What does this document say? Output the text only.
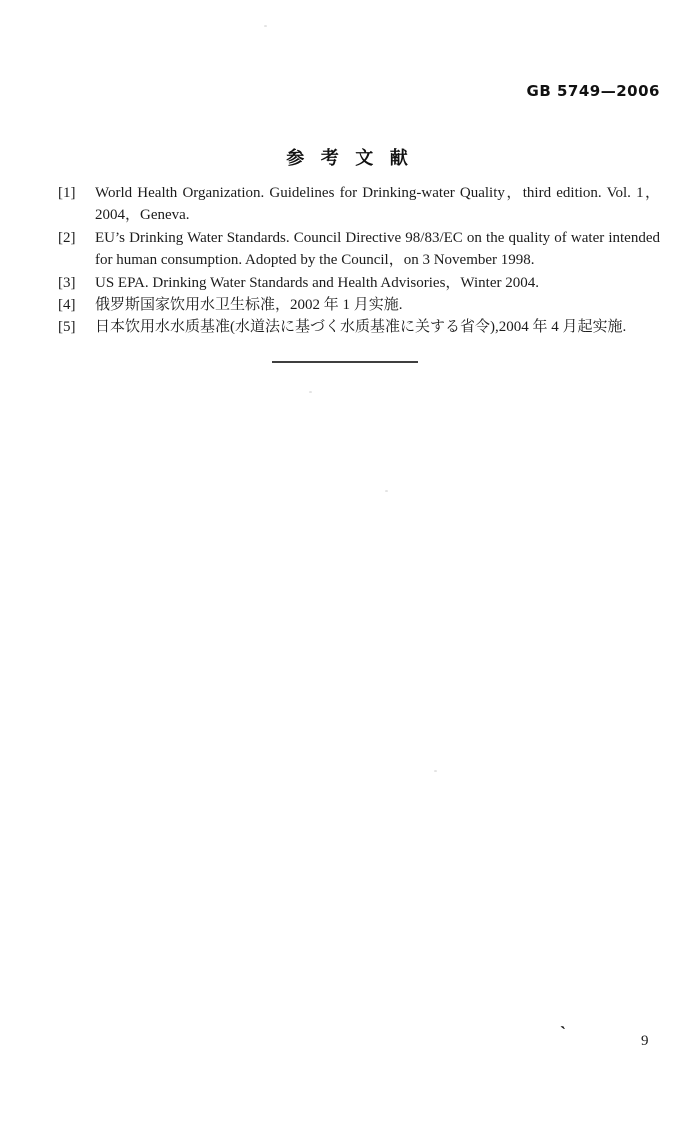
GB 5749—2006
参 考 文 献
[1]	World Health Organization. Guidelines for Drinking-water Quality，third edition. Vol. 1，2004，Geneva.
[2]	EU’s Drinking Water Standards. Council Directive 98/83/EC on the quality of water intended for human consumption. Adopted by the Council，on 3 November 1998.
[3]	US EPA. Drinking Water Standards and Health Advisories，Winter 2004.
[4]	俄罗斯国家饮用水卫生标准，2002 年 1 月实施.
[5]	日本饮用水水质基准(水道法に基づく水质基准に关する省令),2004 年 4 月起实施.
ˋ	9
